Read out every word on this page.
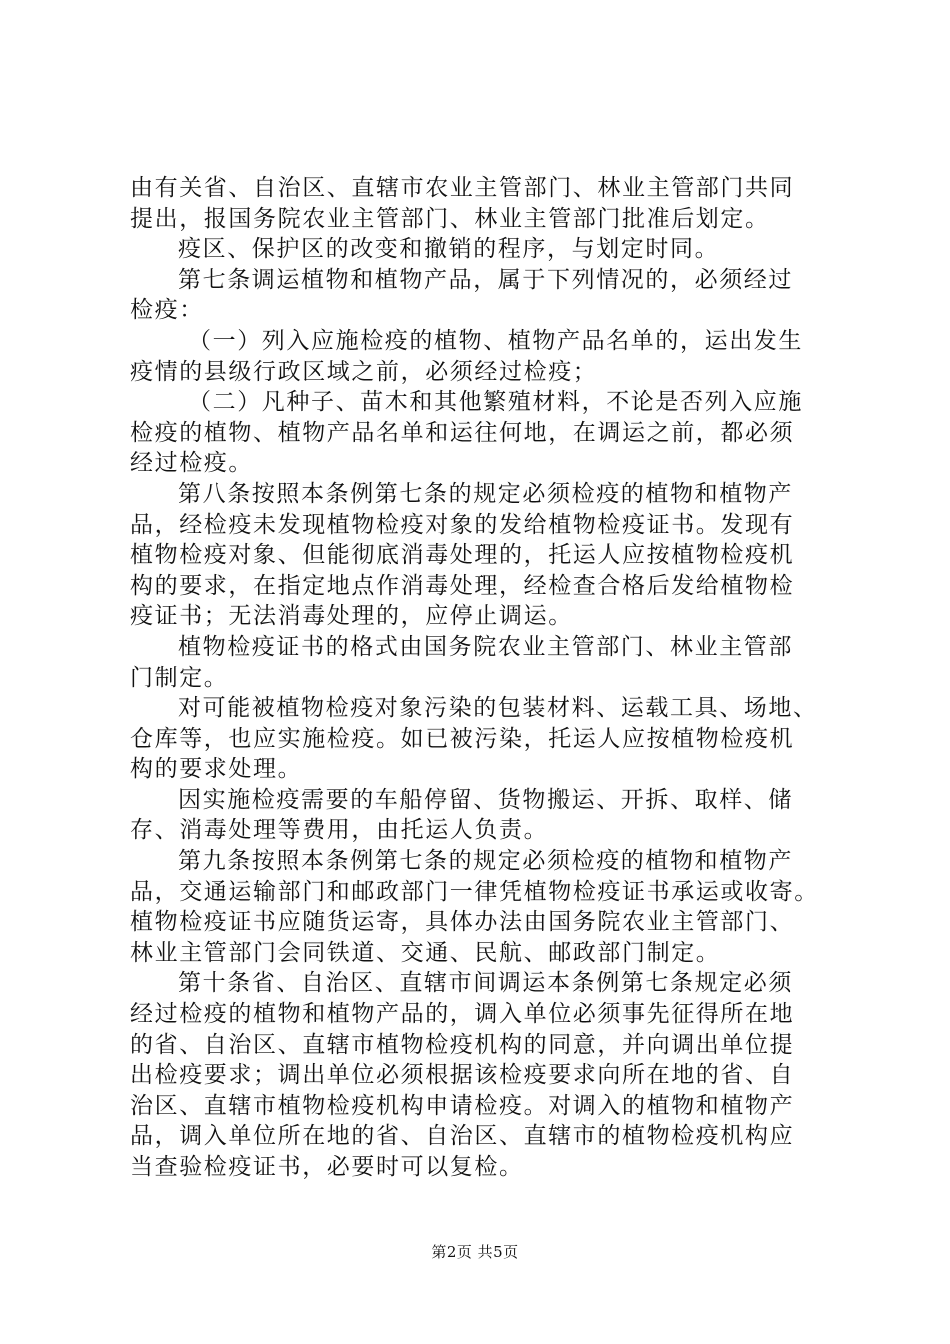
由有关省、自治区、直辖市农业主管部门、林业主管部门共同
提出，报国务院农业主管部门、林业主管部门批准后划定。

疫区、保护区的改变和撤销的程序，与划定时同。

第七条调运植物和植物产品，属于下列情况的，必须经过
检疫：

（一）列入应施检疫的植物、植物产品名单的，运出发生
疫情的县级行政区域之前，必须经过检疫；

（二）凡种子、苗木和其他繁殖材料，不论是否列入应施
检疫的植物、植物产品名单和运往何地，在调运之前，都必须
经过检疫。

第八条按照本条例第七条的规定必须检疫的植物和植物产
品，经检疫未发现植物检疫对象的发给植物检疫证书。发现有
植物检疫对象、但能彻底消毒处理的，托运人应按植物检疫机
构的要求，在指定地点作消毒处理，经检查合格后发给植物检
疫证书；无法消毒处理的，应停止调运。

植物检疫证书的格式由国务院农业主管部门、林业主管部
门制定。

对可能被植物检疫对象污染的包装材料、运载工具、场地、
仓库等，也应实施检疫。如已被污染，托运人应按植物检疫机
构的要求处理。

因实施检疫需要的车船停留、货物搬运、开拆、取样、储
存、消毒处理等费用，由托运人负责。

第九条按照本条例第七条的规定必须检疫的植物和植物产
品，交通运输部门和邮政部门一律凭植物检疫证书承运或收寄。
植物检疫证书应随货运寄，具体办法由国务院农业主管部门、
林业主管部门会同铁道、交通、民航、邮政部门制定。

第十条省、自治区、直辖市间调运本条例第七条规定必须
经过检疫的植物和植物产品的，调入单位必须事先征得所在地
的省、自治区、直辖市植物检疫机构的同意，并向调出单位提
出检疫要求；调出单位必须根据该检疫要求向所在地的省、自
治区、直辖市植物检疫机构申请检疫。对调入的植物和植物产
品，调入单位所在地的省、自治区、直辖市的植物检疫机构应
当查验检疫证书，必要时可以复检。

第2页 共5页
